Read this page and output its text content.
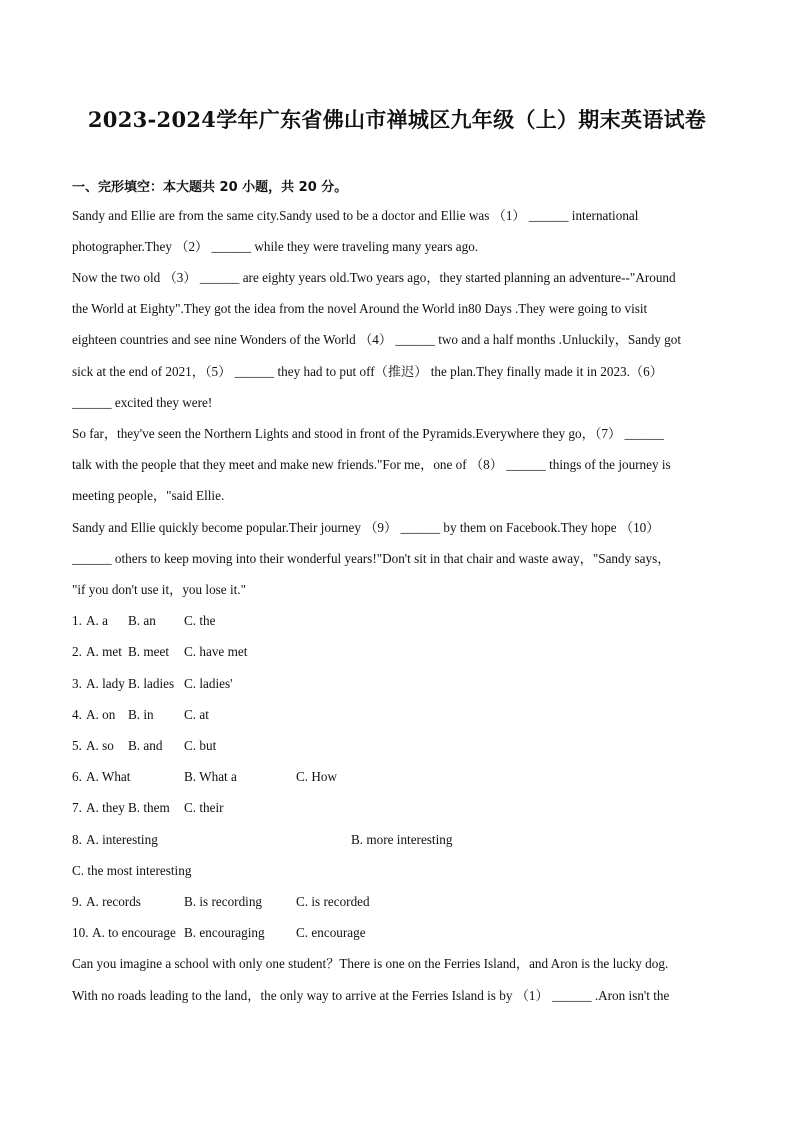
2023-2024学年广东省佛山市禅城区九年级（上）期末英语试卷
一、完形填空：本大题共 20 小题，共 20 分。
Sandy and Ellie are from the same city.Sandy used to be a doctor and Ellie was （1） ______ international
photographer.They （2） ______ while they were traveling many years ago.
Now the two old （3） ______ are eighty years old.Two years ago，they started planning an adventure--"Around
the World at Eighty".They got the idea from the novel Around the World in80 Days .They were going to visit
eighteen countries and see nine Wonders of the World （4） ______ two and a half months .Unluckily，Sandy got
sick at the end of 2021，（5） ______ they had to put off（推迟） the plan.They finally made it in 2023.（6）
______ excited they were!
So far，they've seen the Northern Lights and stood in front of the Pyramids.Everywhere they go，（7） ______
talk with the people that they meet and make new friends."For me，one of （8） ______ things of the journey is
meeting people，"said Ellie.
Sandy and Ellie quickly become popular.Their journey （9） ______ by them on Facebook.They hope （10）
______ others to keep moving into their wonderful years!"Don't sit in that chair and waste away，"Sandy says，
"if you don't use it，you lose it."
1. A. a B. an C. the
2. A. met B. meet C. have met
3. A. lady B. ladies C. ladies'
4. A. on B. in C. at
5. A. so B. and C. but
6. A. What	B. What a	C. How
7. A. they B. them C. their
8. A. interesting	B. more interesting
C. the most interesting
9. A. records	B. is recording	C. is recorded
10. A. to encourage B. encouraging C. encourage
Can you imagine a school with only one student？There is one on the Ferries Island，and Aron is the lucky dog.
With no roads leading to the land，the only way to arrive at the Ferries Island is by （1） ______ .Aron isn't the
